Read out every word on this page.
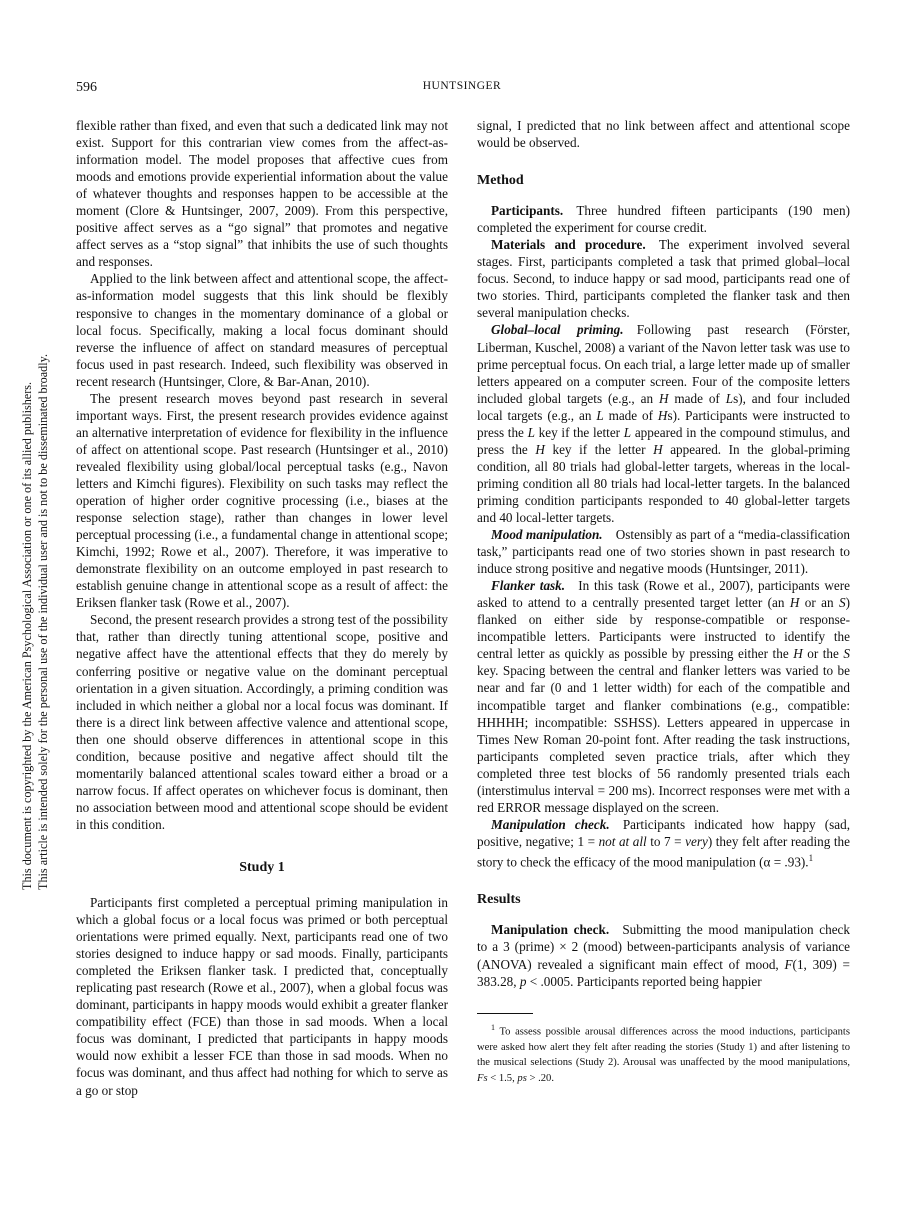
596	HUNTSINGER
This document is copyrighted by the American Psychological Association or one of its allied publishers. This article is intended solely for the personal use of the individual user and is not to be disseminated broadly.

flexible rather than fixed, and even that such a dedicated link may not exist. Support for this contrarian view comes from the affect-as-information model. The model proposes that affective cues from moods and emotions provide experiential information about the value of whatever thoughts and responses happen to be accessible at the moment (Clore & Huntsinger, 2007, 2009). From this perspective, positive affect serves as a “go signal” that promotes and negative affect serves as a “stop signal” that inhibits the use of such thoughts and responses.

Applied to the link between affect and attentional scope, the affect-as-information model suggests that this link should be flexibly responsive to changes in the momentary dominance of a global or local focus. Specifically, making a local focus dominant should reverse the influence of affect on standard measures of perceptual focus used in past research. Indeed, such flexibility was observed in recent research (Huntsinger, Clore, & Bar-Anan, 2010).

The present research moves beyond past research in several important ways. First, the present research provides evidence against an alternative interpretation of evidence for flexibility in the influence of affect on attentional scope. Past research (Huntsinger et al., 2010) revealed flexibility using global/local perceptual tasks (e.g., Navon letters and Kimchi figures). Flexibility on such tasks may reflect the operation of higher order cognitive processing (i.e., biases at the response selection stage), rather than changes in lower level perceptual processing (i.e., a fundamental change in attentional scope; Kimchi, 1992; Rowe et al., 2007). Therefore, it was imperative to demonstrate flexibility on an outcome employed in past research to establish genuine change in attentional scope as a result of affect: the Eriksen flanker task (Rowe et al., 2007).

Second, the present research provides a strong test of the possibility that, rather than directly tuning attentional scope, positive and negative affect have the attentional effects that they do merely by conferring positive or negative value on the dominant perceptual orientation in a given situation. Accordingly, a priming condition was included in which neither a global nor a local focus was dominant. If there is a direct link between affective valence and attentional scope, then one should observe differences in attentional scope in this condition, because positive and negative affect should tilt the momentarily balanced attentional scales toward either a broad or a narrow focus. If affect operates on whichever focus is dominant, then no association between mood and attentional scope should be evident in this condition.

Study 1

Participants first completed a perceptual priming manipulation in which a global focus or a local focus was primed or both perceptual orientations were primed equally. Next, participants read one of two stories designed to induce happy or sad moods. Finally, participants completed the Eriksen flanker task. I predicted that, conceptually replicating past research (Rowe et al., 2007), when a global focus was dominant, participants in happy moods would exhibit a greater flanker compatibility effect (FCE) than those in sad moods. When a local focus was dominant, I predicted that participants in happy moods would now exhibit a lesser FCE than those in sad moods. When no focus was dominant, and thus affect had nothing for which to serve as a go or stop

signal, I predicted that no link between affect and attentional scope would be observed.

Method

Participants.  Three hundred fifteen participants (190 men) completed the experiment for course credit.

Materials and procedure.  The experiment involved several stages. First, participants completed a task that primed global–local focus. Second, to induce happy or sad mood, participants read one of two stories. Third, participants completed the flanker task and then several manipulation checks.

Global–local priming.  Following past research (Förster, Liberman, Kuschel, 2008) a variant of the Navon letter task was use to prime perceptual focus. On each trial, a large letter made up of smaller letters appeared on a computer screen. Four of the composite letters included global targets (e.g., an H made of Ls), and four included local targets (e.g., an L made of Hs). Participants were instructed to press the L key if the letter L appeared in the compound stimulus, and press the H key if the letter H appeared. In the global-priming condition, all 80 trials had global-letter targets, whereas in the local-priming condition all 80 trials had local-letter targets. In the balanced priming condition participants responded to 40 global-letter targets and 40 local-letter targets.

Mood manipulation.  Ostensibly as part of a “media-classification task,” participants read one of two stories shown in past research to induce strong positive and negative moods (Huntsinger, 2011).

Flanker task.  In this task (Rowe et al., 2007), participants were asked to attend to a centrally presented target letter (an H or an S) flanked on either side by response-compatible or response-incompatible letters. Participants were instructed to identify the central letter as quickly as possible by pressing either the H or the S key. Spacing between the central and flanker letters was varied to be near and far (0 and 1 letter width) for each of the compatible and incompatible target and flanker combinations (e.g., compatible: HHHHH; incompatible: SSHSS). Letters appeared in uppercase in Times New Roman 20-point font. After reading the task instructions, participants completed seven practice trials, after which they completed three test blocks of 56 randomly presented trials each (interstimulus interval = 200 ms). Incorrect responses were met with a red ERROR message displayed on the screen.

Manipulation check.  Participants indicated how happy (sad, positive, negative; 1 = not at all to 7 = very) they felt after reading the story to check the efficacy of the mood manipulation (α = .93).$^1$

Results

Manipulation check.  Submitting the mood manipulation check to a 3 (prime) × 2 (mood) between-participants analysis of variance (ANOVA) revealed a significant main effect of mood, F(1, 309) = 383.28, p < .0005. Participants reported being happier

$^1$ To assess possible arousal differences across the mood inductions, participants were asked how alert they felt after reading the stories (Study 1) and after listening to the musical selections (Study 2). Arousal was unaffected by the mood manipulations, Fs < 1.5, ps > .20.
